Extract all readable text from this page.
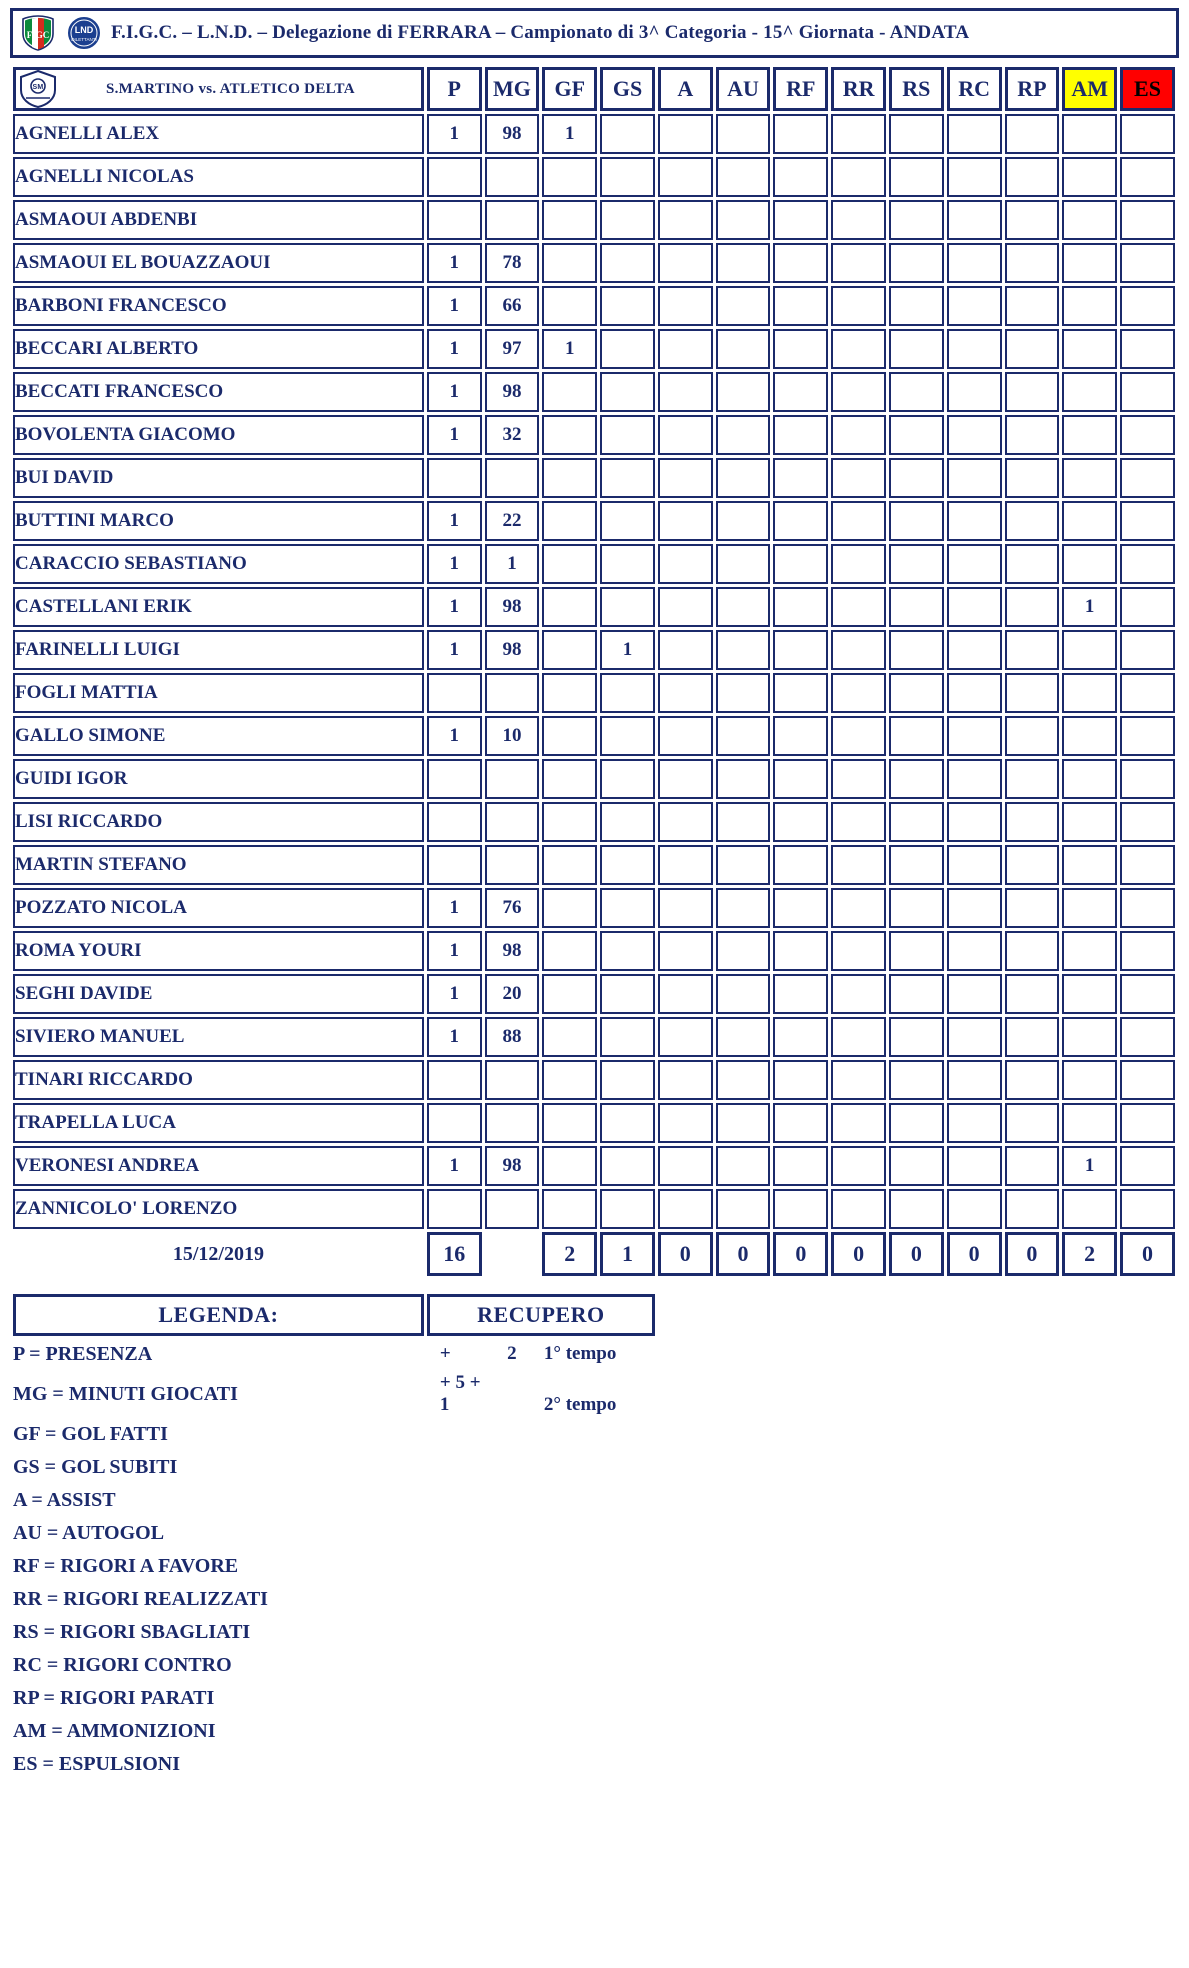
FIGC	LND
DILETTANTI F.I.G.C. – L.N.D. – Delegazione di FERRARA – Campionato di 3^ Categoria - 15^ Giornata - ANDATA
SM S.MARTINO vs. ATLETICO DELTA	P	MG	GF	GS	A	AU	RF	RR	RS	RC	RP	AM	ES
AGNELLI ALEX	1	98	1										
AGNELLI NICOLAS													
ASMAOUI ABDENBI													
ASMAOUI EL BOUAZZAOUI	1	78											
BARBONI FRANCESCO	1	66											
BECCARI ALBERTO	1	97	1										
BECCATI FRANCESCO	1	98											
BOVOLENTA GIACOMO	1	32											
BUI DAVID													
BUTTINI MARCO	1	22											
CARACCIO SEBASTIANO	1	1											
CASTELLANI ERIK	1	98										1	
FARINELLI LUIGI	1	98		1									
FOGLI MATTIA													
GALLO SIMONE	1	10											
GUIDI IGOR													
LISI RICCARDO													
MARTIN STEFANO													
POZZATO NICOLA	1	76											
ROMA YOURI	1	98											
SEGHI DAVIDE	1	20											
SIVIERO MANUEL	1	88											
TINARI RICCARDO													
TRAPELLA LUCA													
VERONESI ANDREA	1	98										1	
ZANNICOLO' LORENZO													
15/12/2019	16		2	1	0	0	0	0	0	0	0	2	0

LEGENDA:	RECUPERO												
P = PRESENZA	+ 2 1° tempo												
MG = MINUTI GIOCATI	+ 5 + 1 2° tempo												
GF = GOL FATTI													
GS = GOL SUBITI													
A = ASSIST													
AU = AUTOGOL													
RF = RIGORI A FAVORE													
RR = RIGORI REALIZZATI													
RS = RIGORI SBAGLIATI													
RC = RIGORI CONTRO													
RP = RIGORI PARATI													
AM = AMMONIZIONI													
ES = ESPULSIONI													
